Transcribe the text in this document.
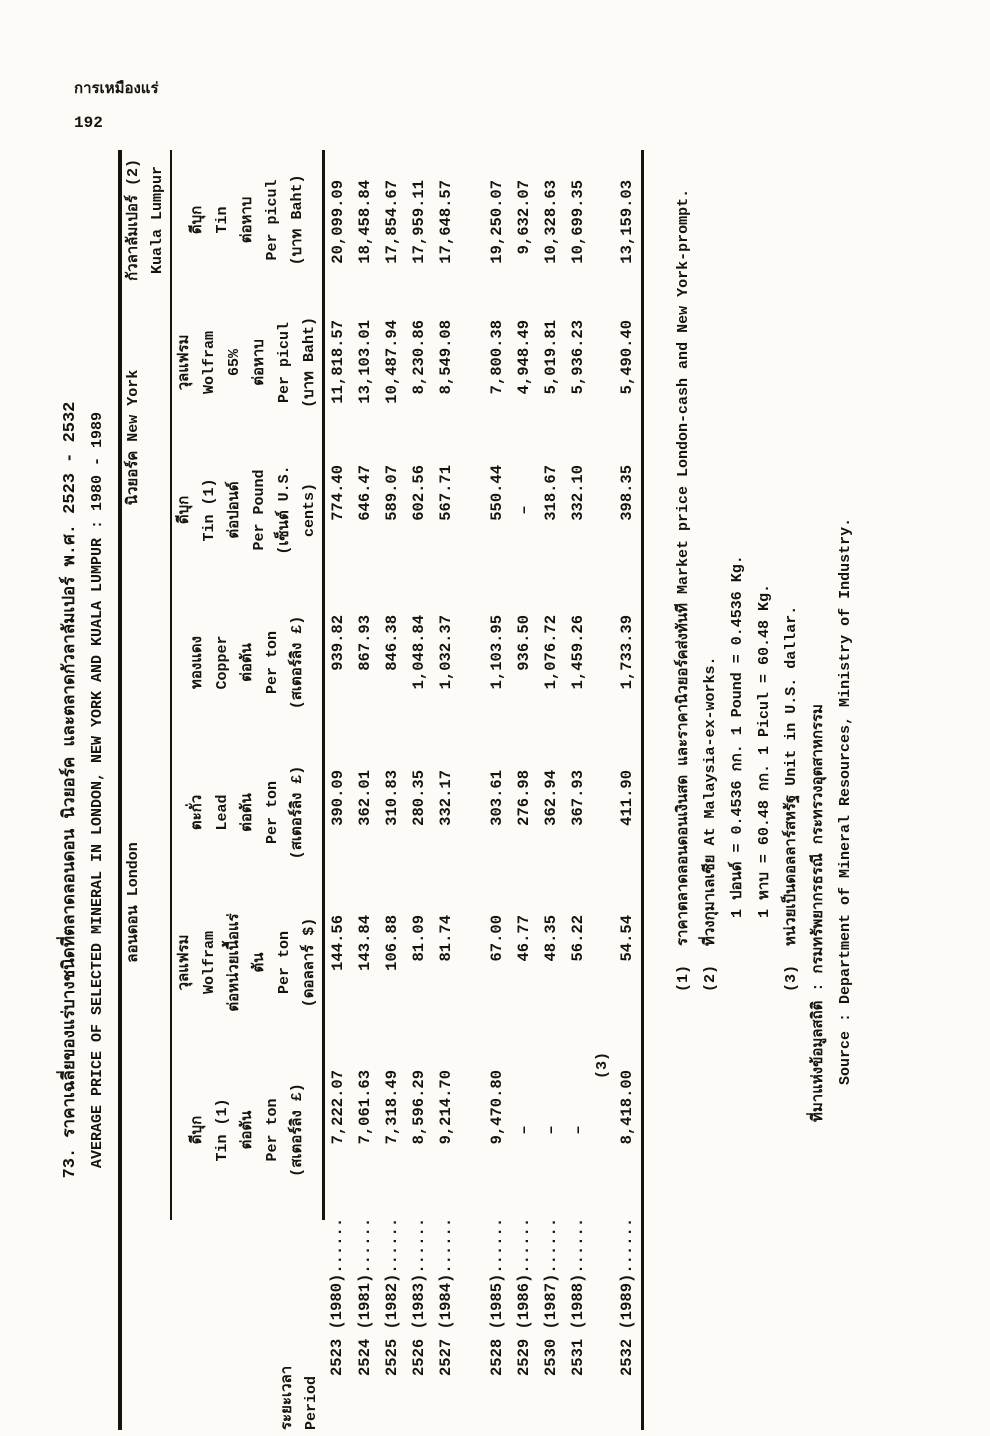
การเหมืองแร่
192
73. ราคาเฉลี่ยของแร่บางชนิดที่ตลาดลอนดอน นิวยอร์ค และตลาดกัวลาลัมเปอร์ พ.ศ. 2523 - 2532 AVERAGE PRICE OF SELECTED MINERAL IN LONDON, NEW YORK AND KUALA LUMPUR : 1980 - 1989
ระยะเวลา Period

ลอนดอน London

นิวยอร์ค New York

กัวลาลัมเปอร์ (2) Kuala Lumpur

ดีบุก Tin (1) ต่อตัน Per ton (สเตอร์ลิง £)

วุลแฟรม Wolfram ต่อหน่วยเนื้อแร่ ตัน Per ton (ดอลลาร์ $)

ตะกั่ว Lead ต่อตัน Per ton (สเตอร์ลิง £)

ทองแดง Copper ต่อตัน Per ton (สเตอร์ลิง £)

ดีบุก Tin (1) ต่อปอนด์ Per Pound (เซ็นต์ U.S. cents)

วุลแฟรม Wolfram 65% ต่อหาบ Per picul (บาท Baht)

ดีบุก Tin ต่อหาบ Per picul (บาท Baht)

2523 (1980)......	7,222.07	144.56	390.09	939.82	774.40	11,818.57	20,099.09
2524 (1981)......	7,061.63	143.84	362.01	867.93	646.47	13,103.01	18,458.84
2525 (1982)......	7,318.49	106.88	310.83	846.38	589.07	10,487.94	17,854.67
2526 (1983)......	8,596.29	81.09	280.35	1,048.84	602.56	8,230.86	17,959.11
2527 (1984)......	9,214.70	81.74	332.17	1,032.37	567.71	8,549.08	17,648.57

2528 (1985)......	9,470.80	67.00	303.61	1,103.95	550.44	7,800.38	19,250.07
2529 (1986)......	–	46.77	276.98	936.50	–	4,948.49	9,632.07
2530 (1987)......	–	48.35	362.94	1,076.72	318.67	5,019.81	10,328.63
2531 (1988)......	–	56.22	367.93	1,459.26	332.10	5,936.23	10,699.35
	(3)						
2532 (1989)......	8,418.00	54.54	411.90	1,733.39	398.35	5,490.40	13,159.03
(1)ราคาตลาดลอนดอนเงินสด และราคานิวยอร์คส่งทันที Market price London-cash and New York-prompt.
(2)ที่วงกุมาเลเซีย At Malaysia-ex-works. 1 ปอนด์ = 0.4536 กก. 1 Pound = 0.4536 Kg. 1 หาบ = 60.48 กก. 1 Picul = 60.48 Kg.
(3)หน่วยเป็นดอลลาร์สหรัฐ Unit in U.S. dallar. ที่มาแห่งข้อมูลสถิติ : กรมทรัพยากรธรณี กระทรวงอุตสาหกรรม Source : Department of Mineral Resources, Ministry of Industry.
